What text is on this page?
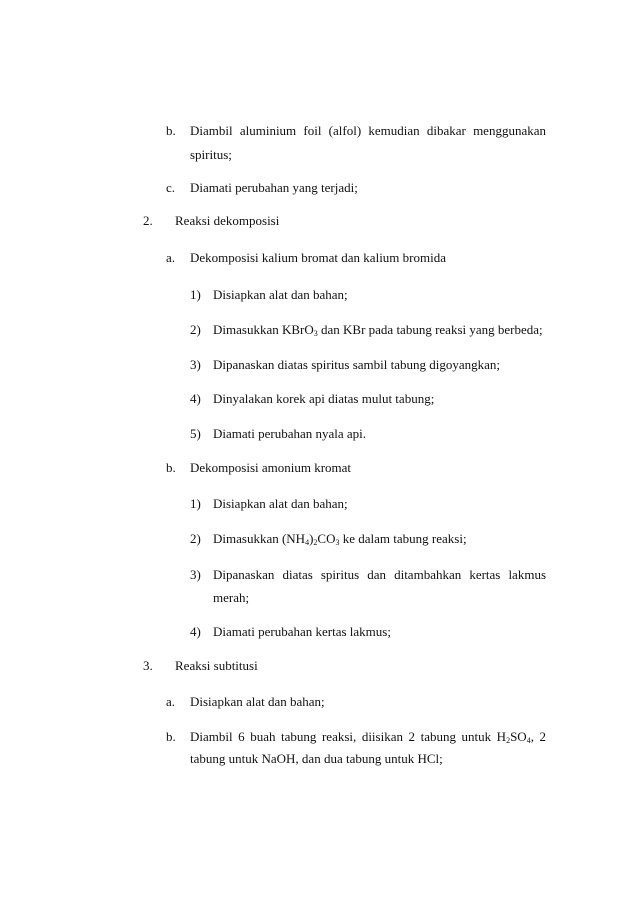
b. Diambil aluminium foil (alfol) kemudian dibakar menggunakan
spiritus;
c. Diamati perubahan yang terjadi;
2. Reaksi dekomposisi
a. Dekomposisi kalium bromat dan kalium bromida
1) Disiapkan alat dan bahan;
2) Dimasukkan KBrO$_3$ dan KBr pada tabung reaksi yang berbeda;
3) Dipanaskan diatas spiritus sambil tabung digoyangkan;
4) Dinyalakan korek api diatas mulut tabung;
5) Diamati perubahan nyala api.
b. Dekomposisi amonium kromat
1) Disiapkan alat dan bahan;
2) Dimasukkan $(NH_4)_2CO_3$ ke dalam tabung reaksi;
3) Dipanaskan diatas spiritus dan ditambahkan kertas lakmus
merah;
4) Diamati perubahan kertas lakmus;
3. Reaksi subtitusi
a. Disiapkan alat dan bahan;
b. Diambil 6 buah tabung reaksi, diisikan 2 tabung untuk $H_2SO_4$, 2
tabung untuk NaOH, dan dua tabung untuk HCl;
